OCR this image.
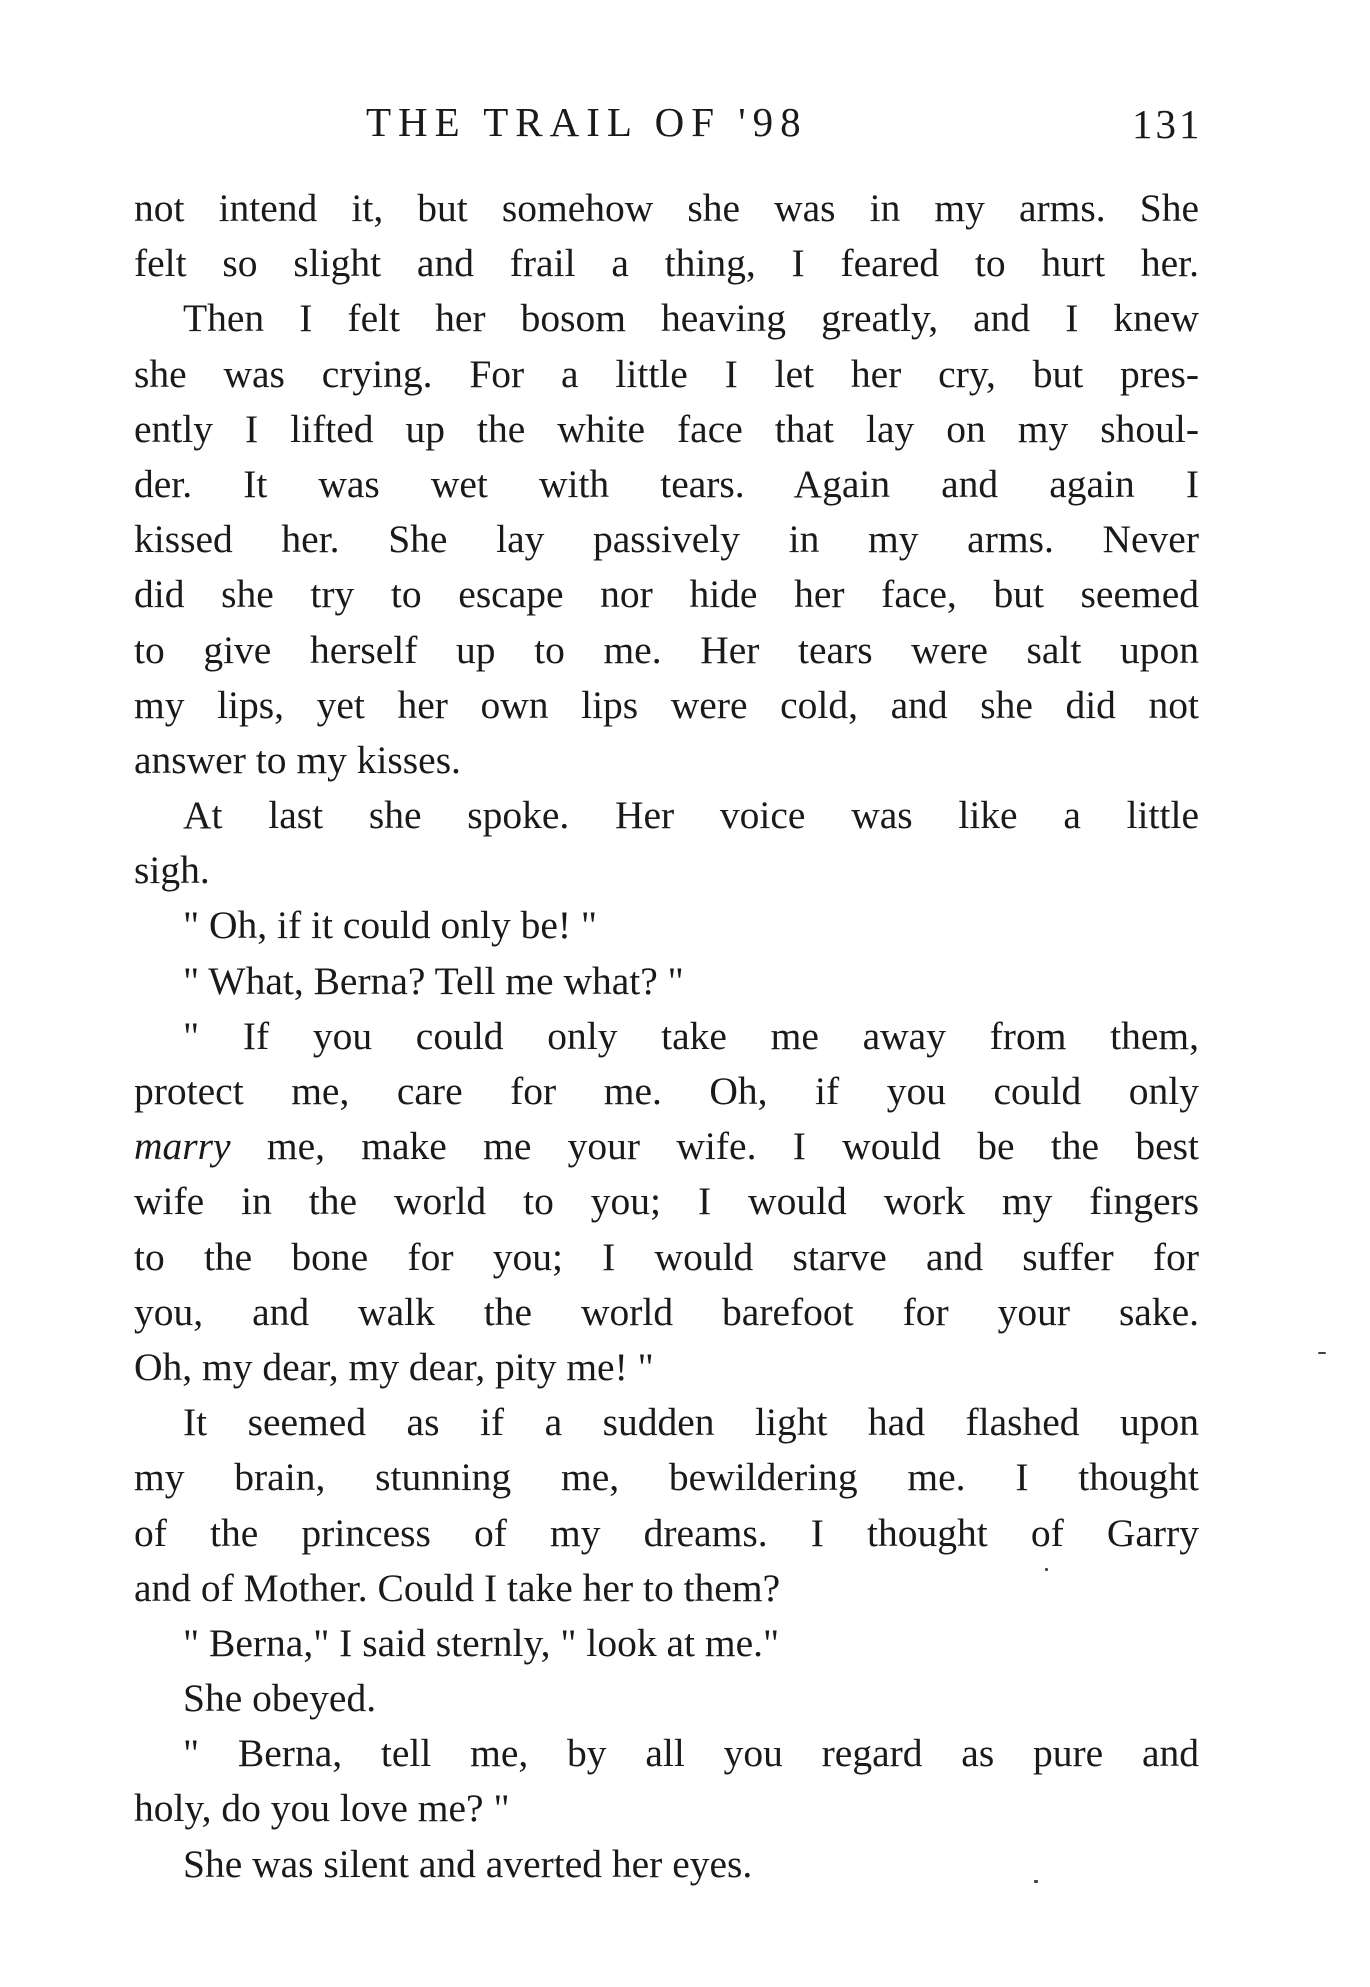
THE TRAIL OF '98	131
not intend it, but somehow she was in my arms. She
felt so slight and frail a thing, I feared to hurt her.
Then I felt her bosom heaving greatly, and I knew
she was crying. For a little I let her cry, but pres-
ently I lifted up the white face that lay on my shoul-
der. It was wet with tears. Again and again I
kissed her. She lay passively in my arms. Never
did she try to escape nor hide her face, but seemed
to give herself up to me. Her tears were salt upon
my lips, yet her own lips were cold, and she did not
answer to my kisses.
At last she spoke. Her voice was like a little
sigh.
" Oh, if it could only be! "
" What, Berna? Tell me what? "
" If you could only take me away from them,
protect me, care for me. Oh, if you could only
marry me, make me your wife. I would be the best
wife in the world to you; I would work my fingers
to the bone for you; I would starve and suffer for
you, and walk the world barefoot for your sake.
Oh, my dear, my dear, pity me! "
It seemed as if a sudden light had flashed upon
my brain, stunning me, bewildering me. I thought
of the princess of my dreams. I thought of Garry
and of Mother. Could I take her to them?
" Berna," I said sternly, " look at me."
She obeyed.
" Berna, tell me, by all you regard as pure and
holy, do you love me? "
She was silent and averted her eyes.
